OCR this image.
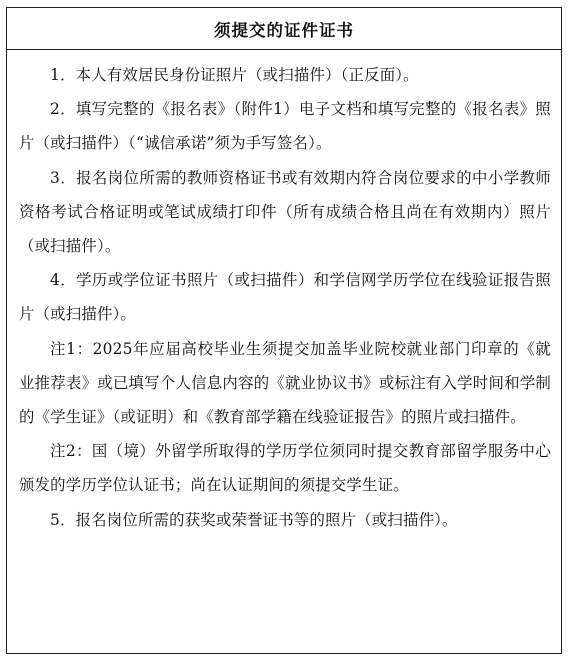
须提交的证件证书

1．本人有效居民身份证照片（或扫描件）（正反面）。

2．填写完整的《报名表》（附件1）电子文档和填写完整的《报名表》照片（或扫描件）（“诚信承诺”须为手写签名）。

3．报名岗位所需的教师资格证书或有效期内符合岗位要求的中小学教师资格考试合格证明或笔试成绩打印件（所有成绩合格且尚在有效期内）照片（或扫描件）。

4．学历或学位证书照片（或扫描件）和学信网学历学位在线验证报告照片（或扫描件）。

注1：2025年应届高校毕业生须提交加盖毕业院校就业部门印章的《就业推荐表》或已填写个人信息内容的《就业协议书》或标注有入学时间和学制的《学生证》（或证明）和《教育部学籍在线验证报告》的照片或扫描件。

注2：国（境）外留学所取得的学历学位须同时提交教育部留学服务中心颁发的学历学位认证书；尚在认证期间的须提交学生证。

5．报名岗位所需的获奖或荣誉证书等的照片（或扫描件）。
